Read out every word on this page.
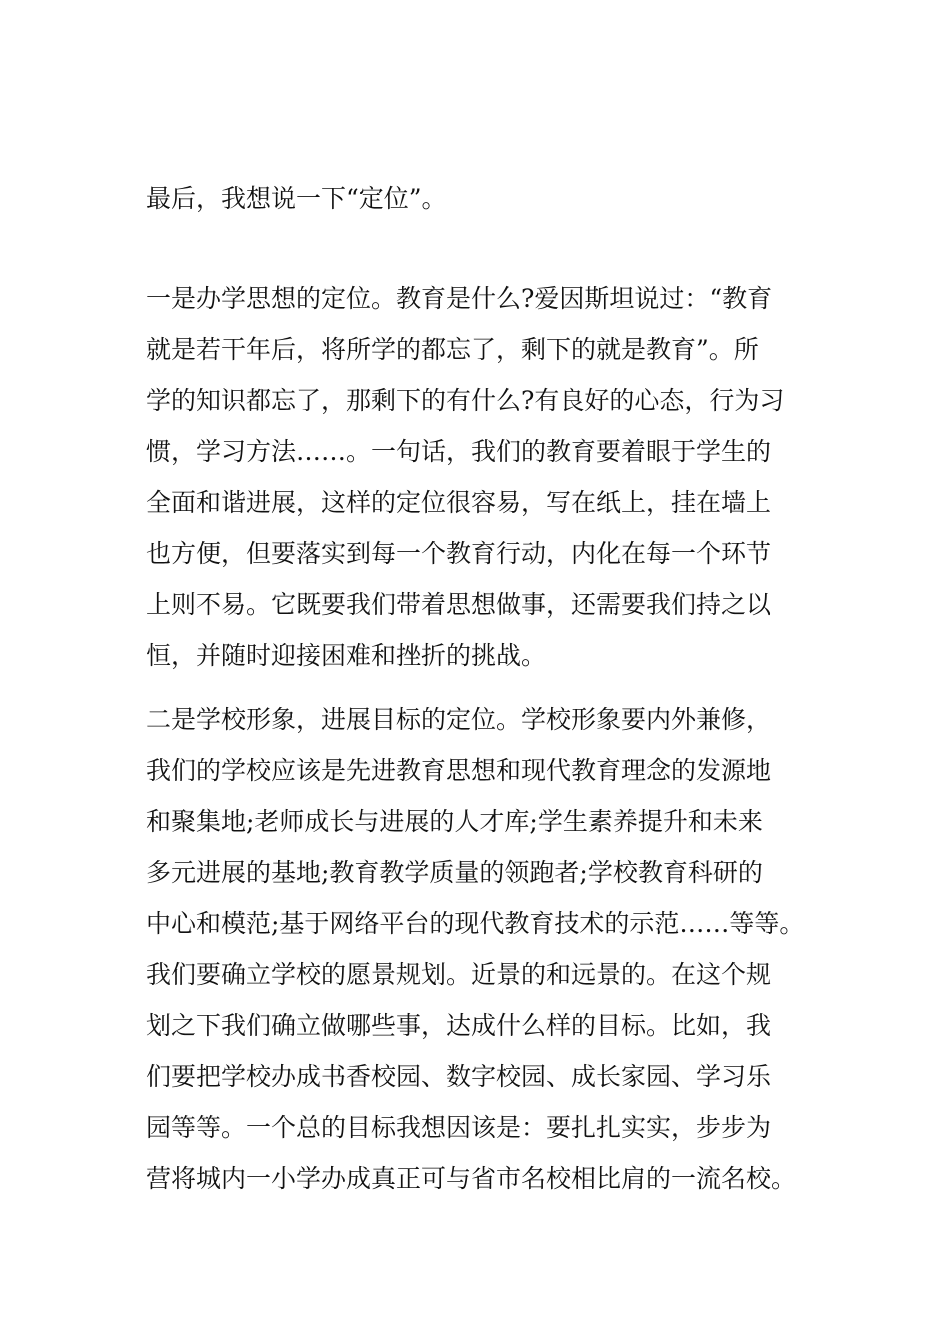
最后，我想说一下“定位”。
一是办学思想的定位。教育是什么?爱因斯坦说过：“教育
就是若干年后，将所学的都忘了，剩下的就是教育”。所
学的知识都忘了，那剩下的有什么?有良好的心态，行为习
惯，学习方法……。一句话，我们的教育要着眼于学生的
全面和谐进展，这样的定位很容易，写在纸上，挂在墙上
也方便，但要落实到每一个教育行动，内化在每一个环节
上则不易。它既要我们带着思想做事，还需要我们持之以
恒，并随时迎接困难和挫折的挑战。
二是学校形象，进展目标的定位。学校形象要内外兼修，
我们的学校应该是先进教育思想和现代教育理念的发源地
和聚集地;老师成长与进展的人才库;学生素养提升和未来
多元进展的基地;教育教学质量的领跑者;学校教育科研的
中心和模范;基于网络平台的现代教育技术的示范……等等。
我们要确立学校的愿景规划。近景的和远景的。在这个规
划之下我们确立做哪些事，达成什么样的目标。比如，我
们要把学校办成书香校园、数字校园、成长家园、学习乐
园等等。一个总的目标我想因该是：要扎扎实实，步步为
营将城内一小学办成真正可与省市名校相比肩的一流名校。
